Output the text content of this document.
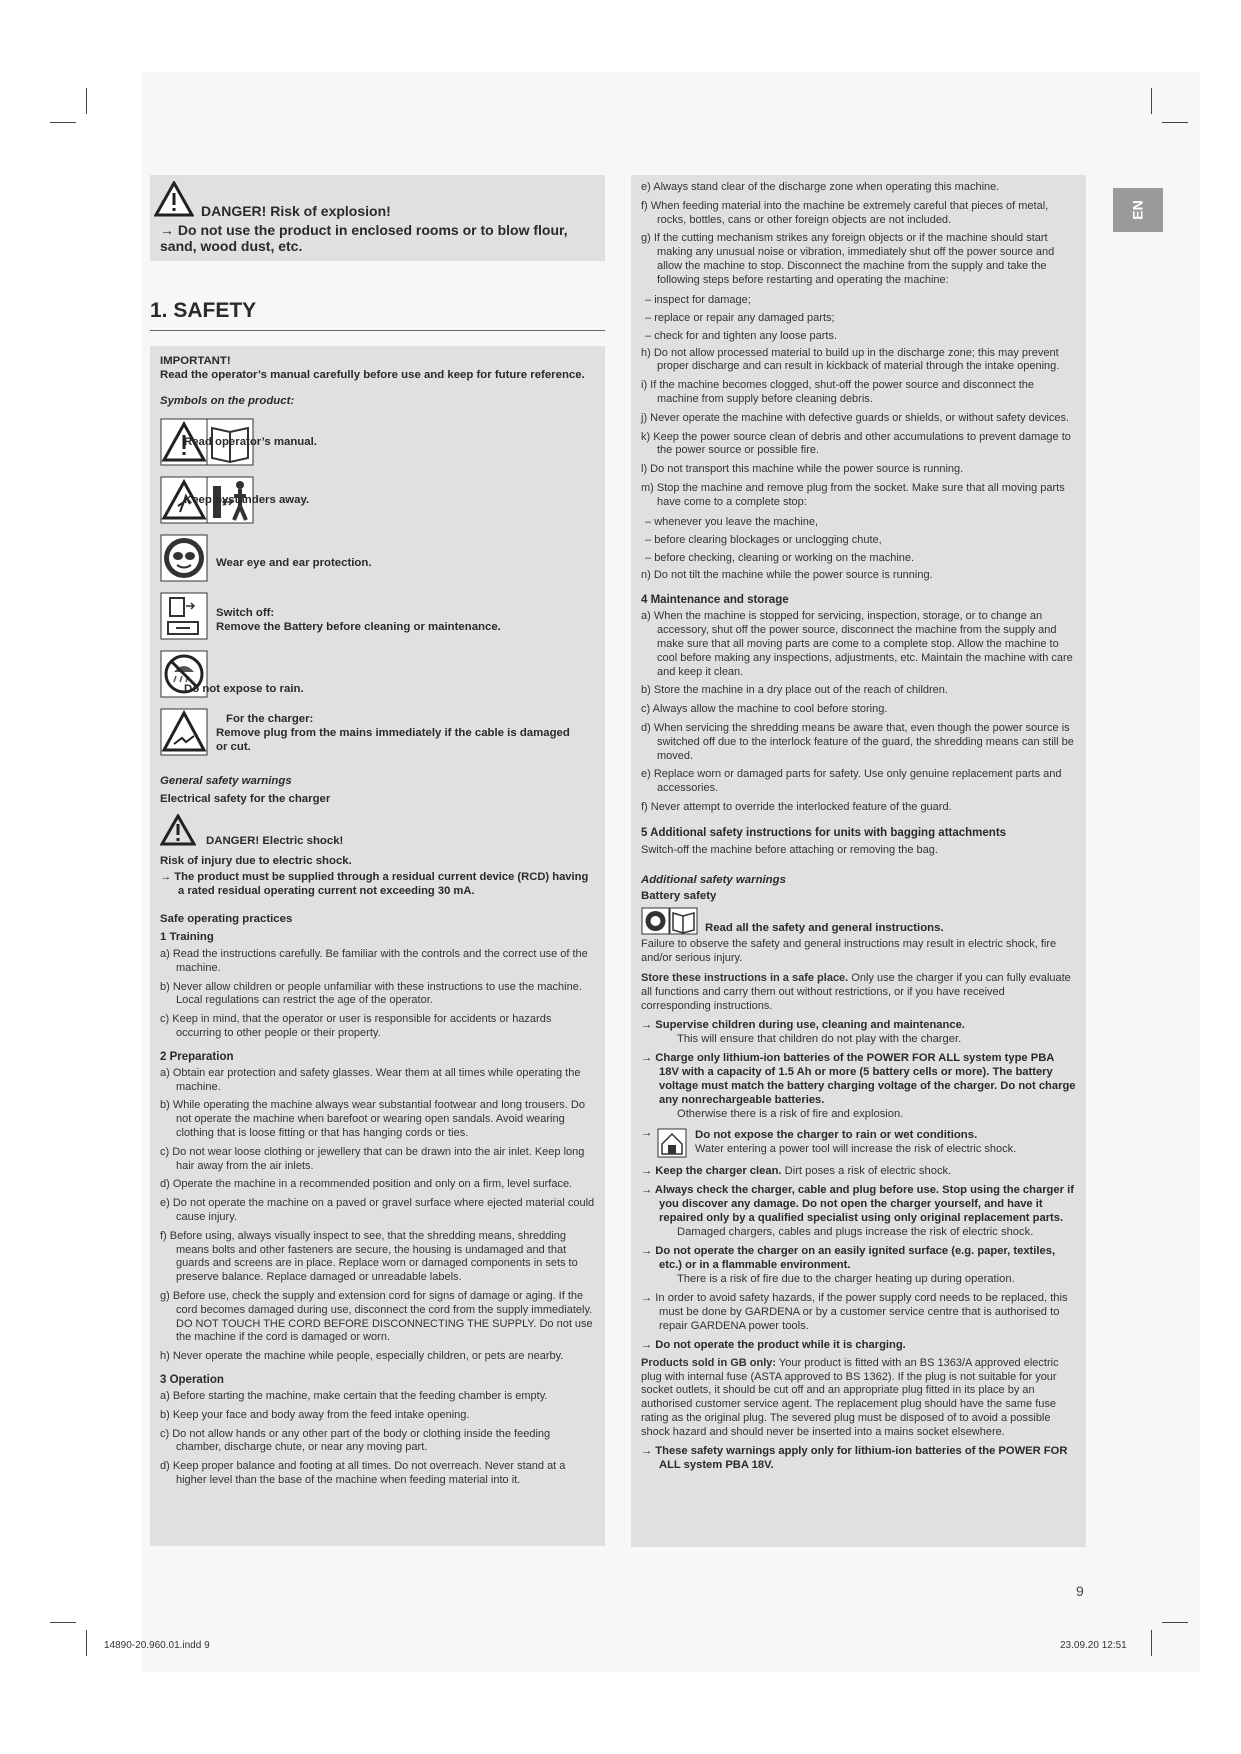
DANGER! Risk of explosion!
→ Do not use the product in enclosed rooms or to blow flour, sand, wood dust, etc.
1. SAFETY
EN

IMPORTANT!

Read the operator’s manual carefully before use and keep for future reference.

Symbols on the product:

Read operator’s manual.
Keep bystanders away.
Wear eye and ear protection.
Switch off:
Remove the Battery before cleaning or maintenance.
Do not expose to rain.
For the charger:
Remove plug from the mains immediately if the cable is damaged or cut.

General safety warnings

Electrical safety for the charger

DANGER! Electric shock!

Risk of injury due to electric shock.

→ The product must be supplied through a residual current device (RCD) having a rated residual operating current not exceeding 30 mA.

Safe operating practices

1 Training

a) Read the instructions carefully. Be familiar with the controls and the correct use of the machine.

b) Never allow children or people unfamiliar with these instructions to use the machine. Local regulations can restrict the age of the operator.

c) Keep in mind, that the operator or user is responsible for accidents or hazards occurring to other people or their property.

2 Preparation

a) Obtain ear protection and safety glasses. Wear them at all times while operating the machine.

b) While operating the machine always wear substantial footwear and long trousers. Do not operate the machine when barefoot or wearing open sandals. Avoid wearing clothing that is loose fitting or that has hanging cords or ties.

c) Do not wear loose clothing or jewellery that can be drawn into the air inlet. Keep long hair away from the air inlets.

d) Operate the machine in a recommended position and only on a firm, level surface.

e) Do not operate the machine on a paved or gravel surface where ejected material could cause injury.

f) Before using, always visually inspect to see, that the shredding means, shredding means bolts and other fasteners are secure, the housing is undamaged and that guards and screens are in place. Replace worn or damaged components in sets to preserve balance. Replace damaged or unreadable labels.

g) Before use, check the supply and extension cord for signs of damage or aging. If the cord becomes damaged during use, disconnect the cord from the supply immediately. DO NOT TOUCH THE CORD BEFORE DISCONNECTING THE SUPPLY. Do not use the machine if the cord is damaged or worn.

h) Never operate the machine while people, especially children, or pets are nearby.

3 Operation

a) Before starting the machine, make certain that the feeding chamber is empty.

b) Keep your face and body away from the feed intake opening.

c) Do not allow hands or any other part of the body or clothing inside the feeding chamber, discharge chute, or near any moving part.

d) Keep proper balance and footing at all times. Do not overreach. Never stand at a higher level than the base of the machine when feeding material into it.

e) Always stand clear of the discharge zone when operating this machine.

f) When feeding material into the machine be extremely careful that pieces of metal, rocks, bottles, cans or other foreign objects are not included.

g) If the cutting mechanism strikes any foreign objects or if the machine should start making any unusual noise or vibration, immediately shut off the power source and allow the machine to stop. Disconnect the machine from the supply and take the following steps before restarting and operating the machine:

– inspect for damage;

– replace or repair any damaged parts;

– check for and tighten any loose parts.

h) Do not allow processed material to build up in the discharge zone; this may prevent proper discharge and can result in kickback of material through the intake opening.

i) If the machine becomes clogged, shut-off the power source and disconnect the machine from supply before cleaning debris.

j) Never operate the machine with defective guards or shields, or without safety devices.

k) Keep the power source clean of debris and other accumulations to prevent damage to the power source or possible fire.

l) Do not transport this machine while the power source is running.

m) Stop the machine and remove plug from the socket. Make sure that all moving parts have come to a complete stop:

– whenever you leave the machine,

– before clearing blockages or unclogging chute,

– before checking, cleaning or working on the machine.

n) Do not tilt the machine while the power source is running.

4 Maintenance and storage

a) When the machine is stopped for servicing, inspection, storage, or to change an accessory, shut off the power source, disconnect the machine from the supply and make sure that all moving parts are come to a complete stop. Allow the machine to cool before making any inspections, adjustments, etc. Maintain the machine with care and keep it clean.

b) Store the machine in a dry place out of the reach of children.

c) Always allow the machine to cool before storing.

d) When servicing the shredding means be aware that, even though the power source is switched off due to the interlock feature of the guard, the shredding means can still be moved.

e) Replace worn or damaged parts for safety. Use only genuine replacement parts and accessories.

f) Never attempt to override the interlocked feature of the guard.

5 Additional safety instructions for units with bagging attachments

Switch-off the machine before attaching or removing the bag.

Additional safety warnings

Battery safety

Read all the safety and general instructions.

Failure to observe the safety and general instructions may result in electric shock, fire and/or serious injury.

Store these instructions in a safe place. Only use the charger if you can fully evaluate all functions and carry them out without restrictions, or if you have received corresponding instructions.

→ Supervise children during use, cleaning and maintenance.
This will ensure that children do not play with the charger.

→ Charge only lithium-ion batteries of the POWER FOR ALL system type PBA 18V with a capacity of 1.5 Ah or more (5 battery cells or more). The battery voltage must match the battery charging voltage of the charger. Do not charge any nonrechargeable batteries.
Otherwise there is a risk of fire and explosion.

→	Do not expose the charger to rain or wet conditions.
Water entering a power tool will increase the risk of electric shock.

→ Keep the charger clean. Dirt poses a risk of electric shock.

→ Always check the charger, cable and plug before use. Stop using the charger if you discover any damage. Do not open the charger yourself, and have it repaired only by a qualified specialist using only original replacement parts.
Damaged chargers, cables and plugs increase the risk of electric shock.

→ Do not operate the charger on an easily ignited surface (e.g. paper, textiles, etc.) or in a flammable environment.
There is a risk of fire due to the charger heating up during operation.

→ In order to avoid safety hazards, if the power supply cord needs to be replaced, this must be done by GARDENA or by a customer service centre that is authorised to repair GARDENA power tools.

→ Do not operate the product while it is charging.

Products sold in GB only: Your product is fitted with an BS 1363/A approved electric plug with internal fuse (ASTA approved to BS 1362). If the plug is not suitable for your socket outlets, it should be cut off and an appropriate plug fitted in its place by an authorised customer service agent. The replacement plug should have the same fuse rating as the original plug. The severed plug must be disposed of to avoid a possible shock hazard and should never be inserted into a mains socket elsewhere.

→ These safety warnings apply only for lithium-ion batteries of the POWER FOR ALL system PBA 18V.

9
14890-20.960.01.indd 9	23.09.20 12:51
